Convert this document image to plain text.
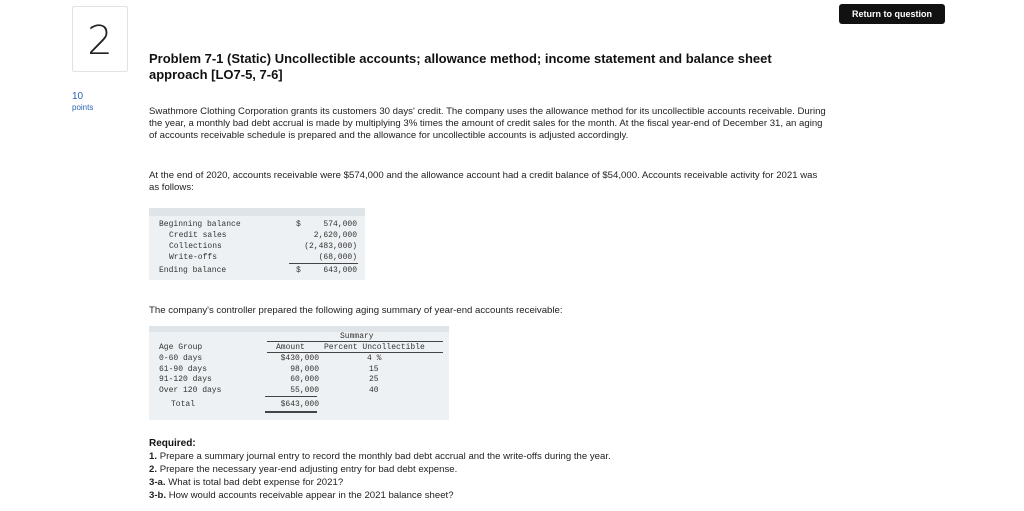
2
10
points
Return to question
Problem 7-1 (Static) Uncollectible accounts; allowance method; income statement and balance sheet approach [LO7-5, 7-6]

Swathmore Clothing Corporation grants its customers 30 days' credit. The company uses the allowance method for its uncollectible accounts receivable. During the year, a monthly bad debt accrual is made by multiplying 3% times the amount of credit sales for the month. At the fiscal year-end of December 31, an aging of accounts receivable schedule is prepared and the allowance for uncollectible accounts is adjusted accordingly.

At the end of 2020, accounts receivable were $574,000 and the allowance account had a credit balance of $54,000. Accounts receivable activity for 2021 was as follows:

Beginning balance	$	574,000
Credit sales	2,620,000
Collections	(2,483,000)
Write-offs	(68,000)
Ending balance	$	643,000

The company's controller prepared the following aging summary of year-end accounts receivable:

Summary
Age Group	Amount Percent Uncollectible
0-60 days	$430,000	4 %
61-90 days	98,000	15
91-120 days	60,000	25
Over 120 days	55,000	40
Total	$643,000

Required:

1. Prepare a summary journal entry to record the monthly bad debt accrual and the write-offs during the year.

2. Prepare the necessary year-end adjusting entry for bad debt expense.

3-a. What is total bad debt expense for 2021?

3-b. How would accounts receivable appear in the 2021 balance sheet?
